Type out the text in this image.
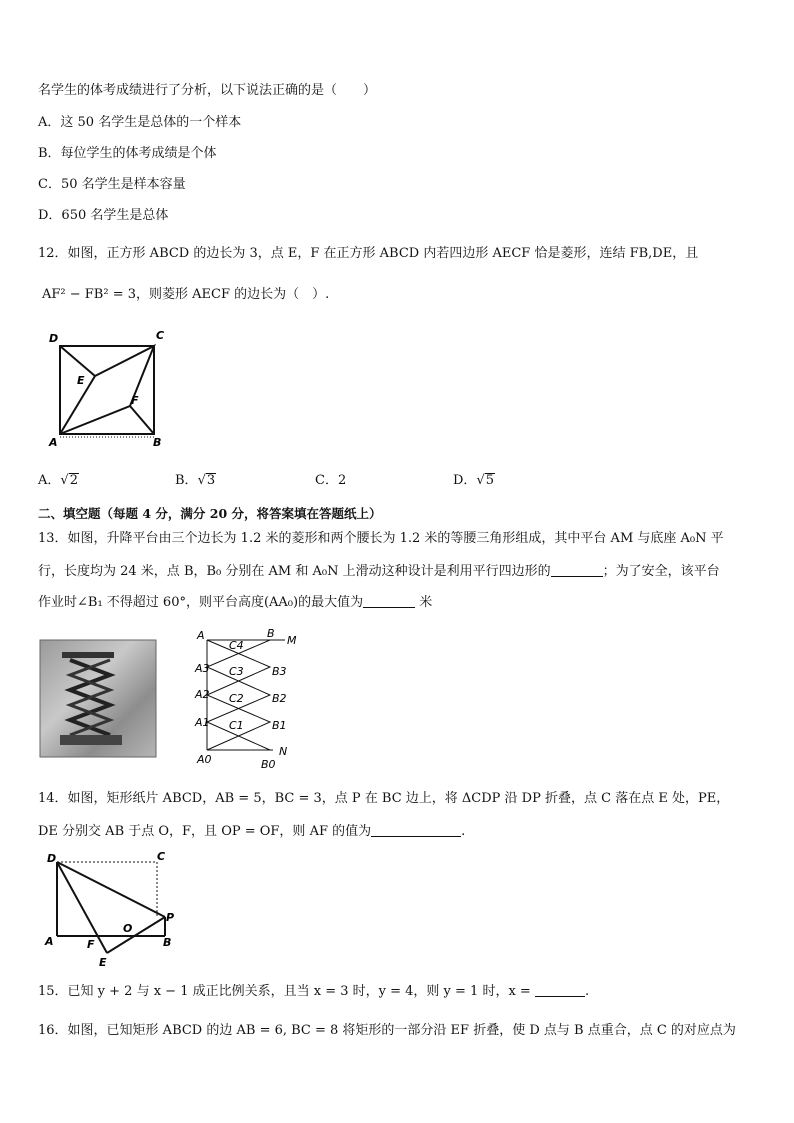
名学生的体考成绩进行了分析，以下说法正确的是（　　）
A．这 50 名学生是总体的一个样本
B．每位学生的体考成绩是个体
C．50 名学生是样本容量
D．650 名学生是总体
12．如图，正方形 ABCD 的边长为 3，点 E，F 在正方形 ABCD 内若四边形 AECF 恰是菱形，连结 FB,DE，且
AF² − FB² = 3，则菱形 AECF 的边长为（　）.
D	C
E
F
A	B
A．√2	B．√3	C．2	D．√5
二、填空题（每题 4 分，满分 20 分，将答案填在答题纸上）
13．如图，升降平台由三个边长为 1.2 米的菱形和两个腰长为 1.2 米的等腰三角形组成，其中平台 AM 与底座 A₀N 平
行，长度均为 24 米，点 B，B₀ 分别在 AM 和 A₀N 上滑动这种设计是利用平行四边形的	；为了安全，该平台
作业时∠B₁ 不得超过 60°，则平台高度(AA₀)的最大值为	米
A	B
M
C4
A3 C3	B3
A2 C2	B2
A1 C1	B1
A0	B0
N
14．如图，矩形纸片 ABCD，AB = 5，BC = 3，点 P 在 BC 边上，将 ΔCDP 沿 DP 折叠，点 C 落在点 E 处，PE，
DE 分别交 AB 于点 O，F，且 OP = OF，则 AF 的值为	.
D	C
P
O
A	F	B
E
15．已知 y + 2 与 x − 1 成正比例关系，且当 x = 3 时，y = 4，则 y = 1 时，x =	.
16．如图，已知矩形 ABCD 的边 AB = 6, BC = 8 将矩形的一部分沿 EF 折叠，使 D 点与 B 点重合，点 C 的对应点为
